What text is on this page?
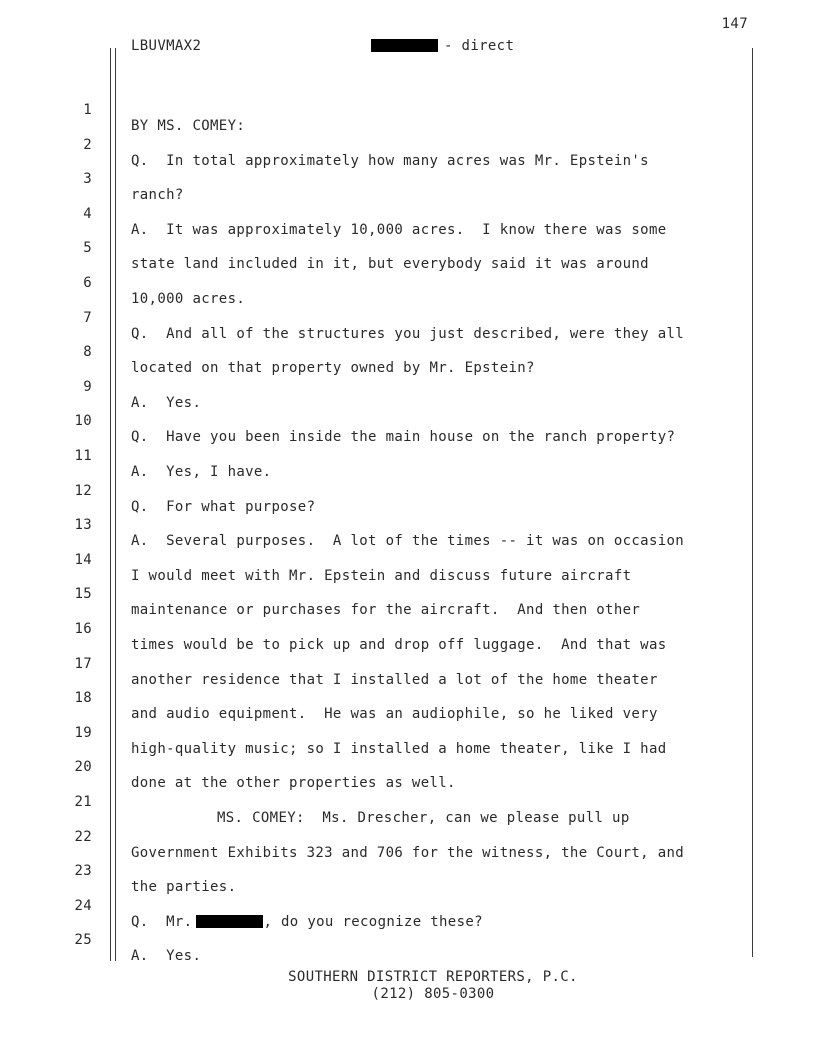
147
LBUVMAX2	- direct

1

BY MS. COMEY:

2

Q.  In total approximately how many acres was Mr. Epstein's

3

ranch?

4

A.  It was approximately 10,000 acres.  I know there was some

5

state land included in it, but everybody said it was around

6

10,000 acres.

7

Q.  And all of the structures you just described, were they all

8

located on that property owned by Mr. Epstein?

9

A.  Yes.

10

Q.  Have you been inside the main house on the ranch property?

11

A.  Yes, I have.

12

Q.  For what purpose?

13

A.  Several purposes.  A lot of the times -- it was on occasion

14

I would meet with Mr. Epstein and discuss future aircraft

15

maintenance or purchases for the aircraft.  And then other

16

times would be to pick up and drop off luggage.  And that was

17

another residence that I installed a lot of the home theater

18

and audio equipment.  He was an audiophile, so he liked very

19

high-quality music; so I installed a home theater, like I had

20

done at the other properties as well.

21

MS. COMEY:  Ms. Drescher, can we please pull up

22

Government Exhibits 323 and 706 for the witness, the Court, and

23

the parties.

24

Q.  Mr.	, do you recognize these?

25

A.  Yes.

SOUTHERN DISTRICT REPORTERS, P.C.
(212) 805-0300
